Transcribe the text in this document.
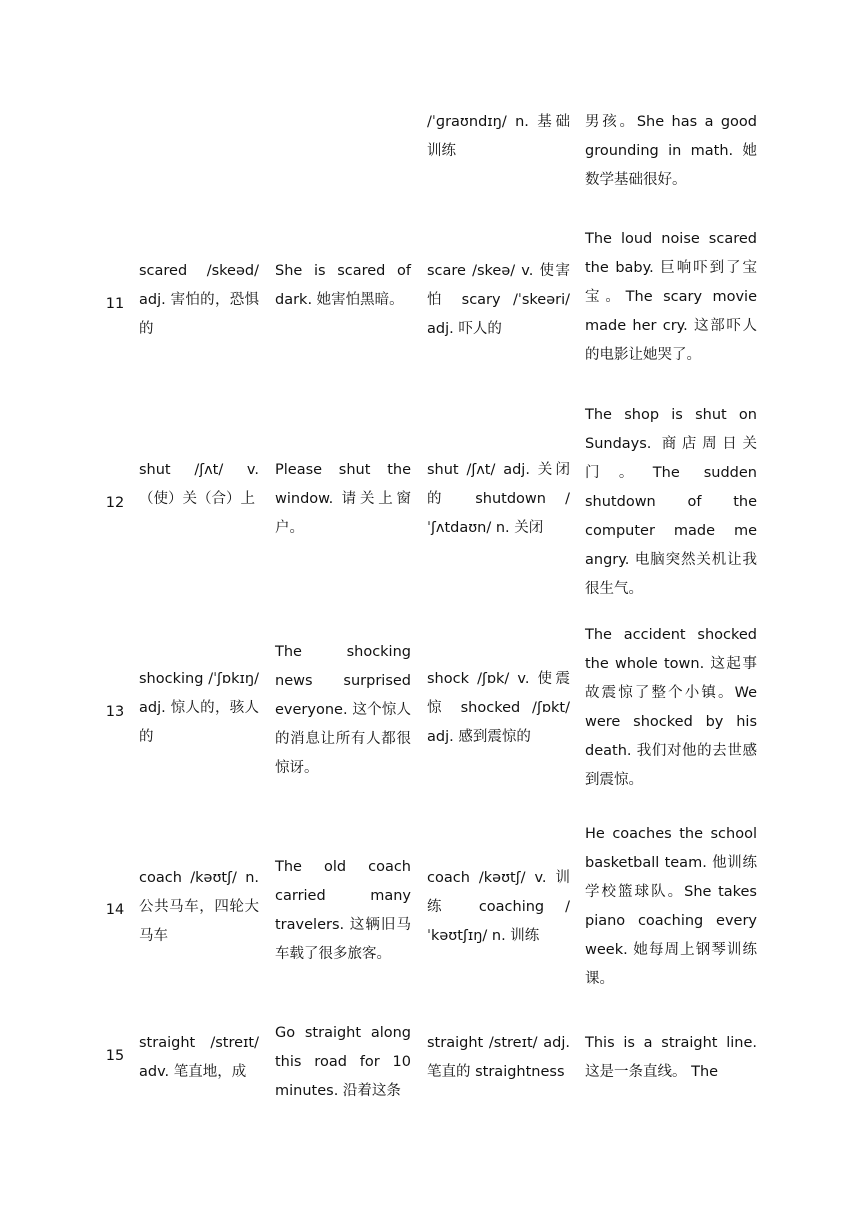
/ˈɡraʊndɪŋ/ n. 基础训练
男孩。She has a good grounding in math. 她数学基础很好。
11
scared /skeəd/ adj. 害怕的，恐惧的
She is scared of dark. 她害怕黑暗。
scare /skeə/ v. 使害怕 scary /ˈskeəri/ adj. 吓人的
The loud noise scared the baby. 巨响吓到了宝宝。The scary movie made her cry. 这部吓人的电影让她哭了。
12
shut /ʃʌt/ v. （使）关（合）上
Please shut the window. 请关上窗户。
shut /ʃʌt/ adj. 关闭的 shutdown /ˈʃʌtdaʊn/ n. 关闭
The shop is shut on Sundays. 商店周日关门。The sudden shutdown of the computer made me angry. 电脑突然关机让我很生气。
13
shocking /ˈʃɒkɪŋ/ adj. 惊人的，骇人的
The shocking news surprised everyone. 这个惊人的消息让所有人都很惊讶。
shock /ʃɒk/ v. 使震惊 shocked /ʃɒkt/ adj. 感到震惊的
The accident shocked the whole town. 这起事故震惊了整个小镇。We were shocked by his death. 我们对他的去世感到震惊。
14
coach /kəʊtʃ/ n. 公共马车，四轮大马车
The old coach carried many travelers. 这辆旧马车载了很多旅客。
coach /kəʊtʃ/ v. 训练 coaching /ˈkəʊtʃɪŋ/ n. 训练
He coaches the school basketball team. 他训练学校篮球队。She takes piano coaching every week. 她每周上钢琴训练课。
15
straight /streɪt/ adv. 笔直地，成
Go straight along this road for 10 minutes. 沿着这条
straight /streɪt/ adj. 笔直的 straightness
This is a straight line. 这是一条直线。 The
